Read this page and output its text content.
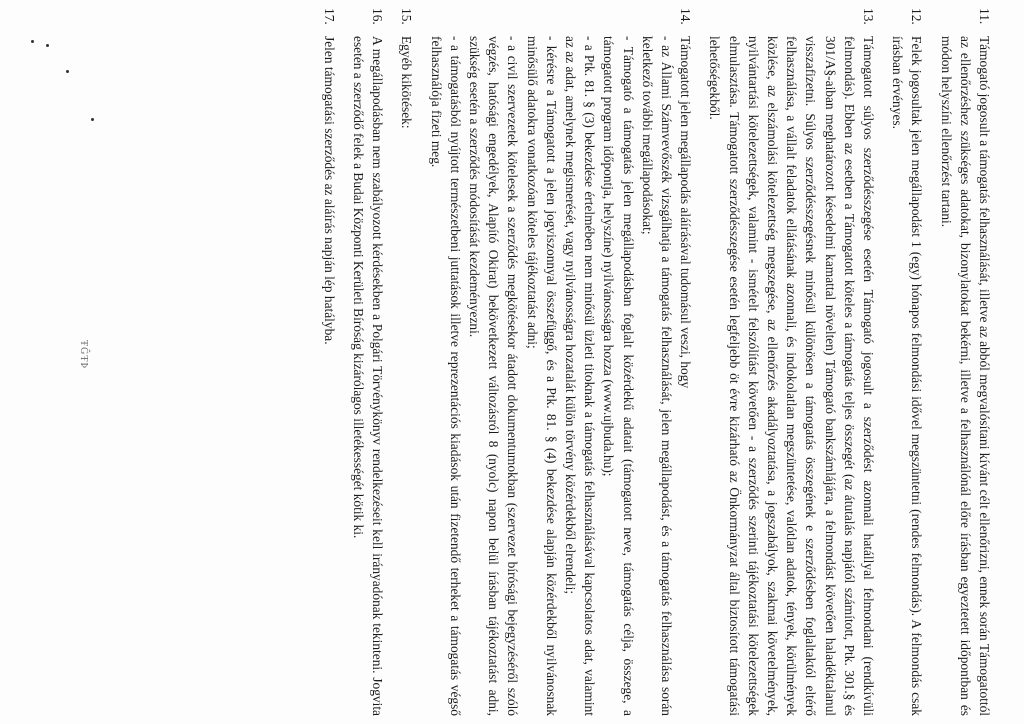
ŦĜŦÞ
11.

Támogató jogosult a támogatás felhasználását, illetve az abból megvalósítani kívánt célt ellenőrizni, ennek során Támogatottól az ellenőrzéshez szükséges adatokat, bizonylatokat bekérni, illetve a felhasználónál előre írásban egyeztetett időpontban és módon helyszíni ellenőrzést tartani.

12.

Felek jogosultak jelen megállapodást 1 (egy) hónapos felmondási idővel megszüntetni (rendes felmondás). A felmondás csak írásban érvényes.

13.

Támogatott súlyos szerződésszegése esetén Támogató jogosult a szerződést azonnali hatállyal felmondani (rendkívüli felmondás). Ebben az esetben a Támogatott köteles a támogatás teljes összegét (az átutalás napjától számított, Ptk. 301.§ és 301/A§-aiban meghatározott késedelmi kamattal növelten) Támogató bankszámlájára, a felmondást követően haladéktalanul visszafizetni. Súlyos szerződésszegésnek minősül különösen a támogatás összegének e szerződésben foglaltaktól eltérő felhasználása, a vállalt feladatok ellátásának azonnali, és indokolatlan megszüntetése, valótlan adatok, tények, körülmények közlése, az elszámolási kötelezettség megszegése, az ellenőrzés akadályoztatása, a jogszabályok, szakmai követelmények, nyilvántartási kötelezettségek, valamint - ismételt felszólítást követően - a szerződés szerinti tájékoztatási kötelezettségek elmulasztása. Támogatott szerződésszegése esetén legfeljebb öt évre kizárható az Önkormányzat által biztosított támogatási lehetőségekből.

14.

Támogatott jelen megállapodás aláírásával tudomásul veszi, hogy

- az Állami Számvevőszék vizsgálhatja a támogatás felhasználását, jelen megállapodást, és a támogatás felhasználása során keletkező további megállapodásokat;

- Támogató a támogatás jelen megállapodásban foglalt közérdekű adatait (támogatott neve, támogatás célja, összege, a támogatott program időpontja, helyszíne) nyilvánosságra hozza (www.ujbuda.hu);

- a Ptk. 81. § (3) bekezdése értelmében nem minősül üzleti titoknak a támogatás felhasználásával kapcsolatos adat, valamint az az adat, amelynek megismerését, vagy nyilvánosságra hozatalát külön törvény közérdekből elrendeli;

- kérésre a Támogatott a jelen jogviszonnyal összefüggő, és a Ptk. 81. § (4) bekezdése alapján közérdekből nyilvánosnak minősülő adatokra vonatkozóan köteles tájékoztatást adni;

- a civil szervezetek kötelesek a szerződés megkötésekor átadott dokumentumokban (szervezet bírósági bejegyzéséről szóló végzés, hatósági engedélyek, Alapító Okirat) bekövetkezett változásról 8 (nyolc) napon belül írásban tájékoztatást adni, szükség esetén a szerződés módosítását kezdeményezni.

- a támogatásból nyújtott természetbeni juttatások illetve reprezentációs kiadások után fizetendő terheket a támogatás végső felhasználója fizeti meg.

15.

Egyéb kikötések:

16.

A megállapodásban nem szabályozott kérdésekben a Polgári Törvénykönyv rendelkezéseit kell irányadónak tekinteni. Jogvita esetén a szerződő felek a Budai Központi Kerületi Bíróság kizárólagos illetékességét kötik ki.

17.

Jelen támogatási szerződés az aláírás napján lép hatályba.
